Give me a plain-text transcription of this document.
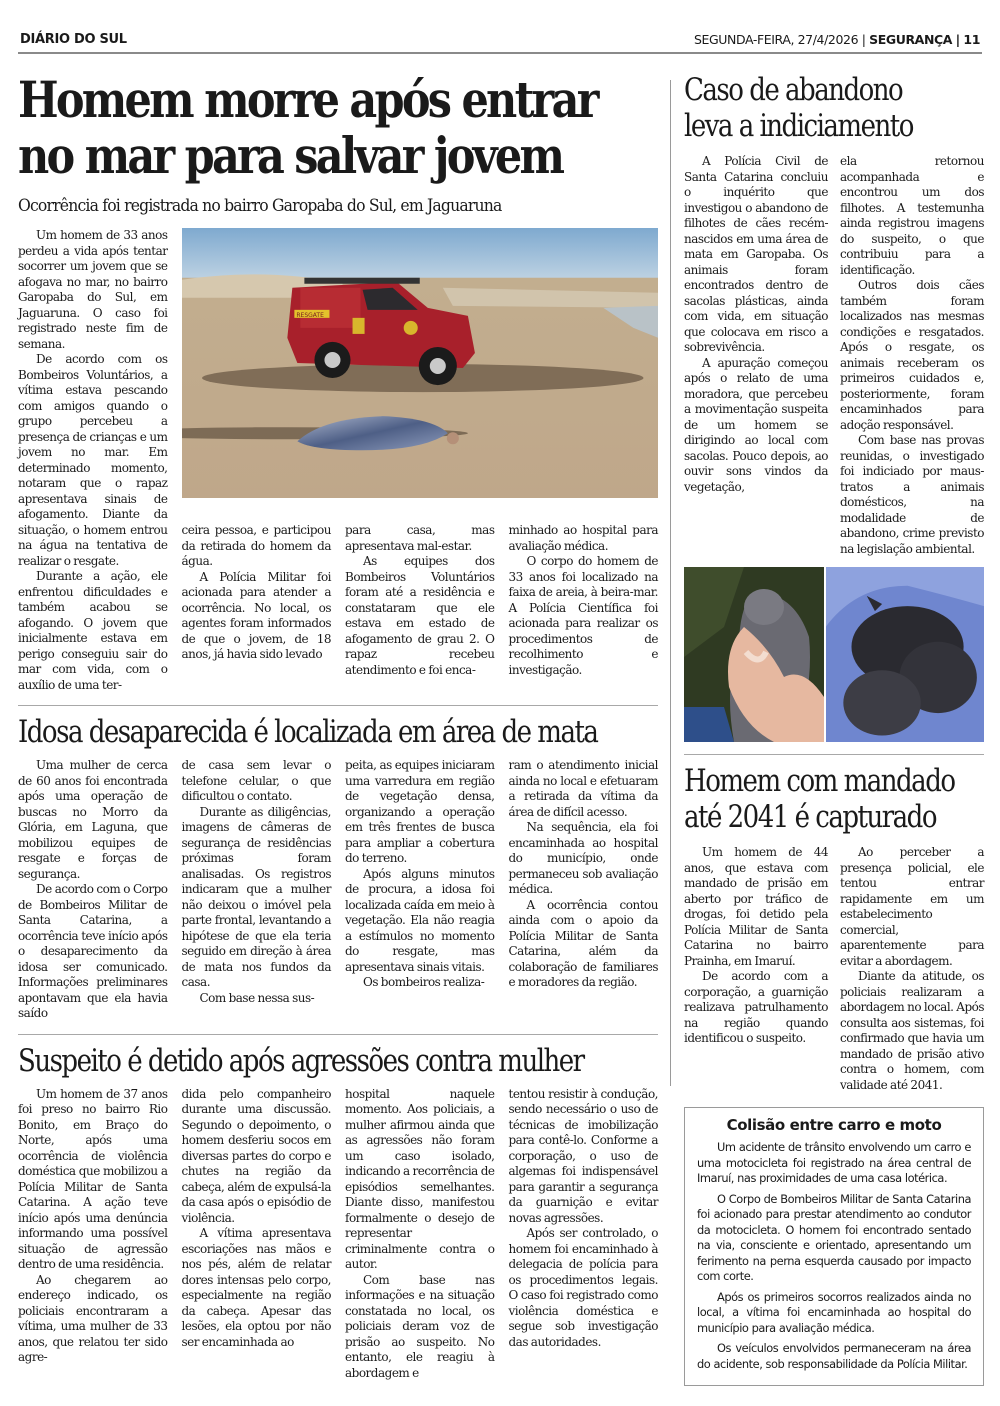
DIÁRIO DO SUL	SEGUNDA-FEIRA, 27/4/2026 | SEGURANÇA | 11
Homem morre após entrar
no mar para salvar jovem
Ocorrência foi registrada no bairro Garopaba do Sul, em Jaguaruna

Um homem de 33 anos perdeu a vida após tentar socorrer um jovem que se afogava no mar, no bairro Garopaba do Sul, em Jaguaruna. O caso foi registrado neste fim de semana.

De acordo com os Bombeiros Voluntários, a vítima estava pescando com amigos quando o grupo percebeu a presença de crianças e um jovem no mar. Em determinado momento, notaram que o rapaz apresentava sinais de afogamento. Diante da situação, o homem entrou na água na tentativa de realizar o resgate.

Durante a ação, ele enfrentou dificuldades e também acabou se afogando. O jovem que inicialmente estava em perigo conseguiu sair do mar com vida, com o auxílio de uma ter-

RESGATE

ceira pessoa, e participou da retirada do homem da água.

A Polícia Militar foi acionada para atender a ocorrência. No local, os agentes foram informados de que o jovem, de 18 anos, já havia sido levado

para casa, mas apresentava mal-estar.

As equipes dos Bombeiros Voluntários foram até a residência e constataram que ele estava em estado de afogamento de grau 2. O rapaz recebeu atendimento e foi enca-

minhado ao hospital para avaliação médica.

O corpo do homem de 33 anos foi localizado na faixa de areia, à beira-mar. A Polícia Científica foi acionada para realizar os procedimentos de recolhimento e investigação.

Idosa desaparecida é localizada em área de mata

Uma mulher de cerca de 60 anos foi encontrada após uma operação de buscas no Morro da Glória, em Laguna, que mobilizou equipes de resgate e forças de segurança.

De acordo com o Corpo de Bombeiros Militar de Santa Catarina, a ocorrência teve início após o desaparecimento da idosa ser comunicado. Informações preliminares apontavam que ela havia saído

de casa sem levar o telefone celular, o que dificultou o contato.

Durante as diligências, imagens de câmeras de segurança de residências próximas foram analisadas. Os registros indicaram que a mulher não deixou o imóvel pela parte frontal, levantando a hipótese de que ela teria seguido em direção à área de mata nos fundos da casa.

Com base nessa sus-

peita, as equipes iniciaram uma varredura em região de vegetação densa, organizando a operação em três frentes de busca para ampliar a cobertura do terreno.

Após alguns minutos de procura, a idosa foi localizada caída em meio à vegetação. Ela não reagia a estímulos no momento do resgate, mas apresentava sinais vitais.

Os bombeiros realiza-

ram o atendimento inicial ainda no local e efetuaram a retirada da vítima da área de difícil acesso.

Na sequência, ela foi encaminhada ao hospital do município, onde permaneceu sob avaliação médica.

A ocorrência contou ainda com o apoio da Polícia Militar de Santa Catarina, além da colaboração de familiares e moradores da região.

Suspeito é detido após agressões contra mulher

Um homem de 37 anos foi preso no bairro Rio Bonito, em Braço do Norte, após uma ocorrência de violência doméstica que mobilizou a Polícia Militar de Santa Catarina. A ação teve início após uma denúncia informando uma possível situação de agressão dentro de uma residência.

Ao chegarem ao endereço indicado, os policiais encontraram a vítima, uma mulher de 33 anos, que relatou ter sido agre-

dida pelo companheiro durante uma discussão. Segundo o depoimento, o homem desferiu socos em diversas partes do corpo e chutes na região da cabeça, além de expulsá-la da casa após o episódio de violência.

A vítima apresentava escoriações nas mãos e nos pés, além de relatar dores intensas pelo corpo, especialmente na região da cabeça. Apesar das lesões, ela optou por não ser encaminhada ao

hospital naquele momento. Aos policiais, a mulher afirmou ainda que as agressões não foram um caso isolado, indicando a recorrência de episódios semelhantes. Diante disso, manifestou formalmente o desejo de representar criminalmente contra o autor.

Com base nas informações e na situação constatada no local, os policiais deram voz de prisão ao suspeito. No entanto, ele reagiu à abordagem e

tentou resistir à condução, sendo necessário o uso de técnicas de imobilização para contê-lo. Conforme a corporação, o uso de algemas foi indispensável para garantir a segurança da guarnição e evitar novas agressões.

Após ser controlado, o homem foi encaminhado à delegacia de polícia para os procedimentos legais. O caso foi registrado como violência doméstica e segue sob investigação das autoridades.

Caso de abandono
leva a indiciamento

A Polícia Civil de Santa Catarina concluiu o inquérito que investigou o abandono de filhotes de cães recém-nascidos em uma área de mata em Garopaba. Os animais foram encontrados dentro de sacolas plásticas, ainda com vida, em situação que colocava em risco a sobrevivência.

A apuração começou após o relato de uma moradora, que percebeu a movimentação suspeita de um homem se dirigindo ao local com sacolas. Pouco depois, ao ouvir sons vindos da vegetação,

ela retornou acompanhada e encontrou um dos filhotes. A testemunha ainda registrou imagens do suspeito, o que contribuiu para a identificação.

Outros dois cães também foram localizados nas mesmas condições e resgatados. Após o resgate, os animais receberam os primeiros cuidados e, posteriormente, foram encaminhados para adoção responsável.

Com base nas provas reunidas, o investigado foi indiciado por maus-tratos a animais domésticos, na modalidade de abandono, crime previsto na legislação ambiental.

Homem com mandado
até 2041 é capturado

Um homem de 44 anos, que estava com mandado de prisão em aberto por tráfico de drogas, foi detido pela Polícia Militar de Santa Catarina no bairro Prainha, em Imaruí.

De acordo com a corporação, a guarnição realizava patrulhamento na região quando identificou o suspeito.

Ao perceber a presença policial, ele tentou entrar rapidamente em um estabelecimento comercial, aparentemente para evitar a abordagem.

Diante da atitude, os policiais realizaram a abordagem no local. Após consulta aos sistemas, foi confirmado que havia um mandado de prisão ativo contra o homem, com validade até 2041.

Colisão entre carro e moto

Um acidente de trânsito envolvendo um carro e uma motocicleta foi registrado na área central de Imaruí, nas proximidades de uma casa lotérica.

O Corpo de Bombeiros Militar de Santa Catarina foi acionado para prestar atendimento ao condutor da motocicleta. O homem foi encontrado sentado na via, consciente e orientado, apresentando um ferimento na perna esquerda causado por impacto com corte.

Após os primeiros socorros realizados ainda no local, a vítima foi encaminhada ao hospital do município para avaliação médica.

Os veículos envolvidos permaneceram na área do acidente, sob responsabilidade da Polícia Militar.
